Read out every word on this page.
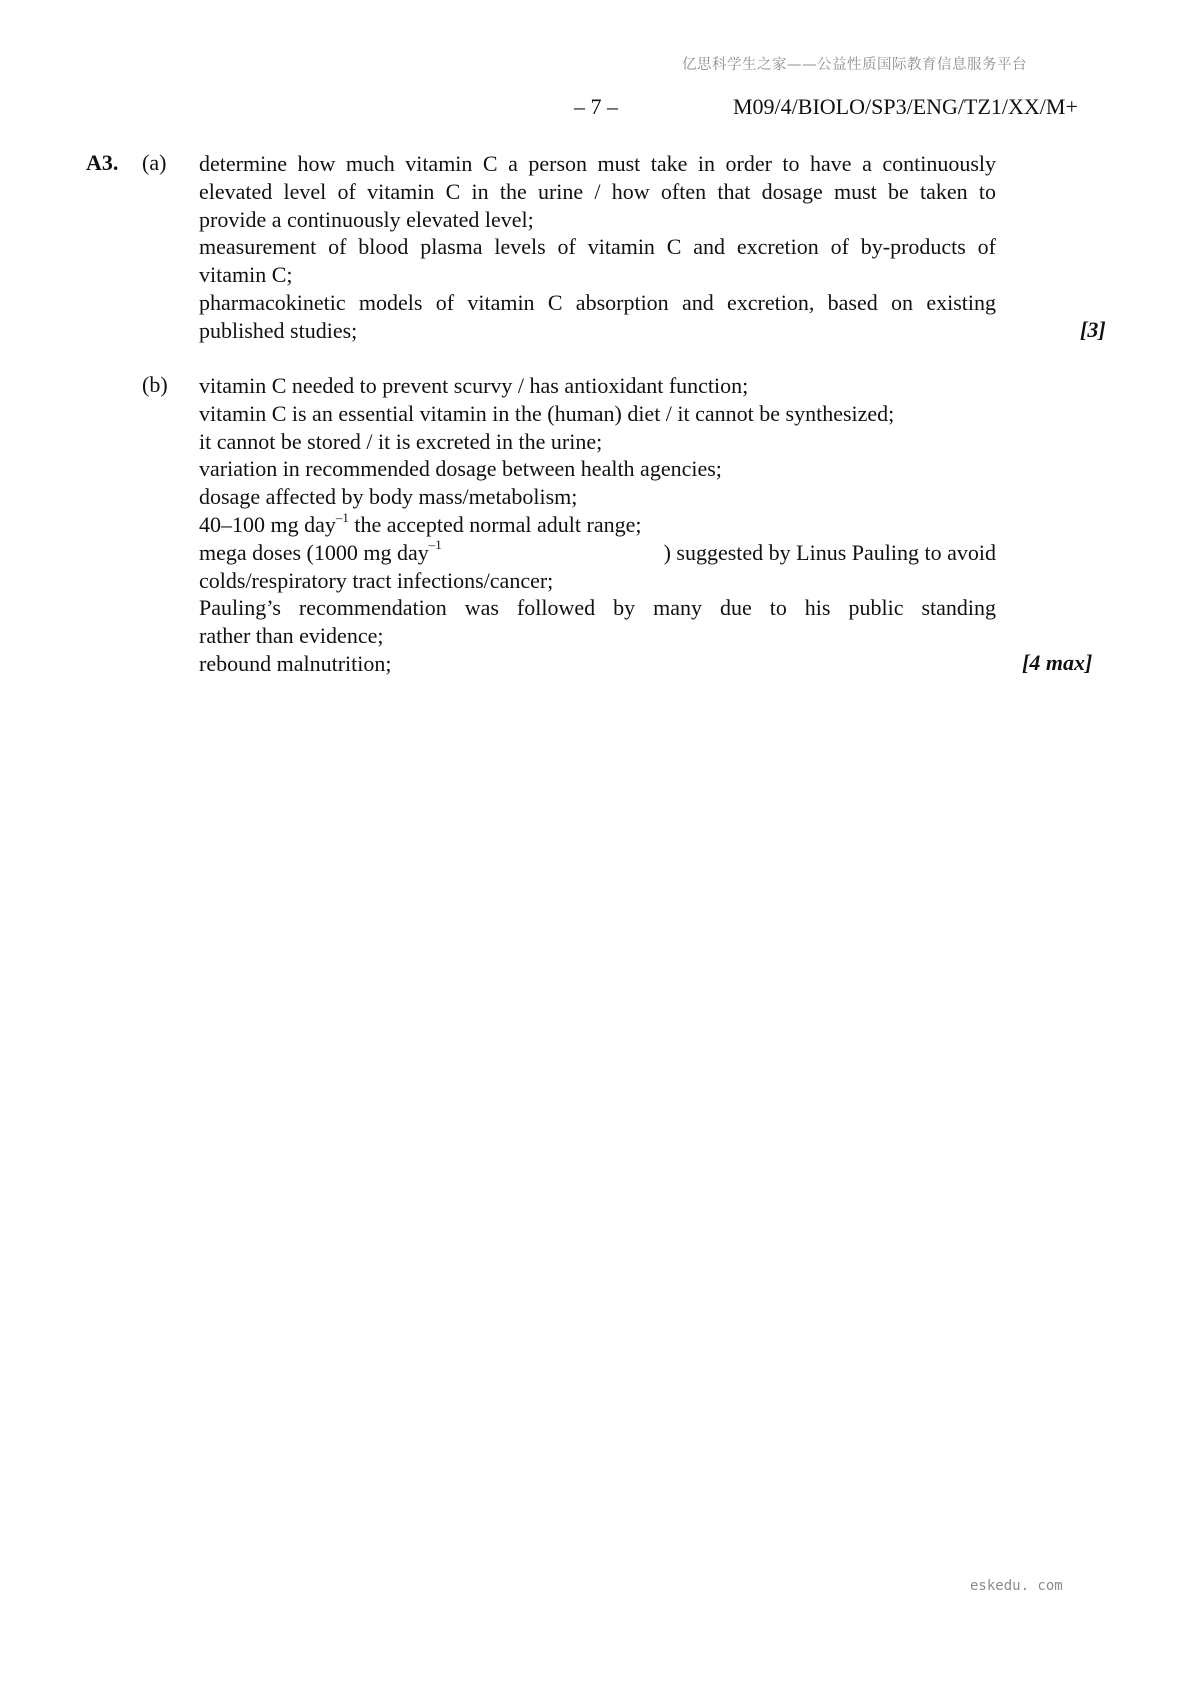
亿思科学生之家——公益性质国际教育信息服务平台
– 7 –	M09/4/BIOLO/SP3/ENG/TZ1/XX/M+
A3. (a) determine how much vitamin C a person must take in order to have a continuously
elevated level of vitamin C in the urine / how often that dosage must be taken to
provide a continuously elevated level;
measurement of blood plasma levels of vitamin C and excretion of by-products of
vitamin C;
pharmacokinetic models of vitamin C absorption and excretion, based on existing
published studies;	[3]
(b) vitamin C needed to prevent scurvy / has antioxidant function;
vitamin C is an essential vitamin in the (human) diet / it cannot be synthesized;
it cannot be stored / it is excreted in the urine;
variation in recommended dosage between health agencies;
dosage affected by body mass/metabolism;
40–100 mg day$^{-1}$ the accepted normal adult range;
mega doses (1000 mg day$^{-1}$	) suggested by Linus Pauling to avoid
colds/respiratory tract infections/cancer;
Pauling’s recommendation was followed by many due to his public standing
rather than evidence;
rebound malnutrition;	[4 max]
eskedu. com
